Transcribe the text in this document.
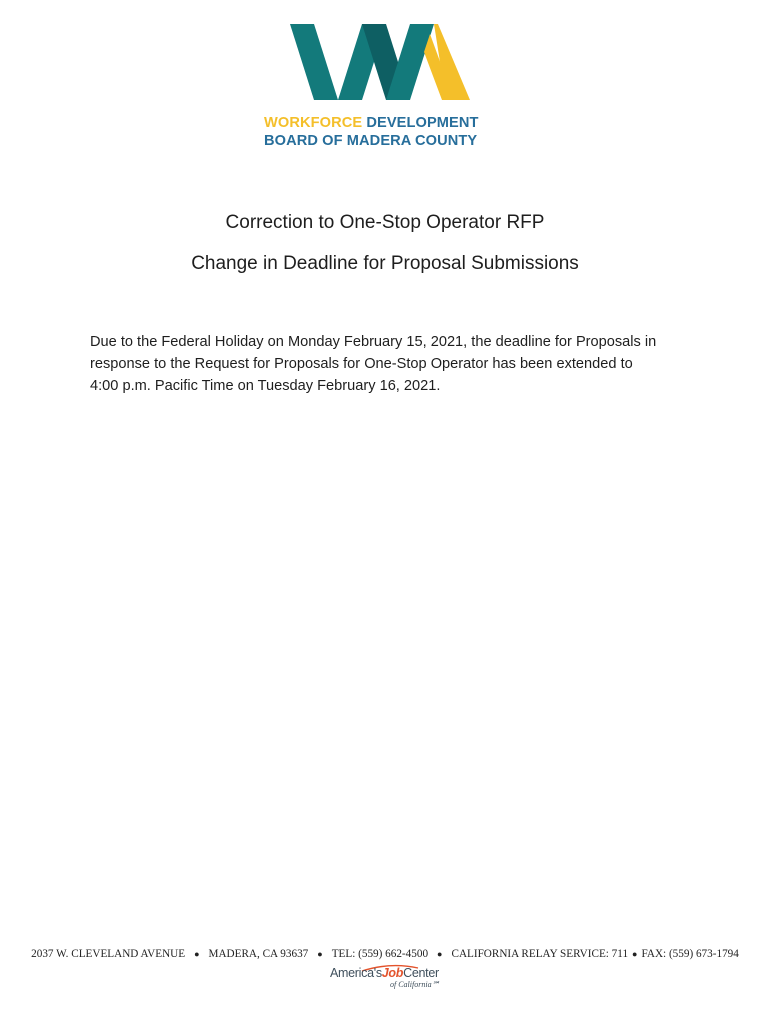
WORKFORCE DEVELOPMENT
BOARD OF MADERA COUNTY
Correction to One-Stop Operator RFP
Change in Deadline for Proposal Submissions
Due to the Federal Holiday on Monday February 15, 2021, the deadline for Proposals in
response to the Request for Proposals for One-Stop Operator has been extended to
4:00 p.m. Pacific Time on Tuesday February 16, 2021.
2037 W. CLEVELAND AVENUE ● MADERA, CA 93637 ● TEL: (559) 662-4500 ● CALIFORNIA RELAY SERVICE: 711 ● FAX: (559) 673-1794
America'sJobCenter
of California℠
